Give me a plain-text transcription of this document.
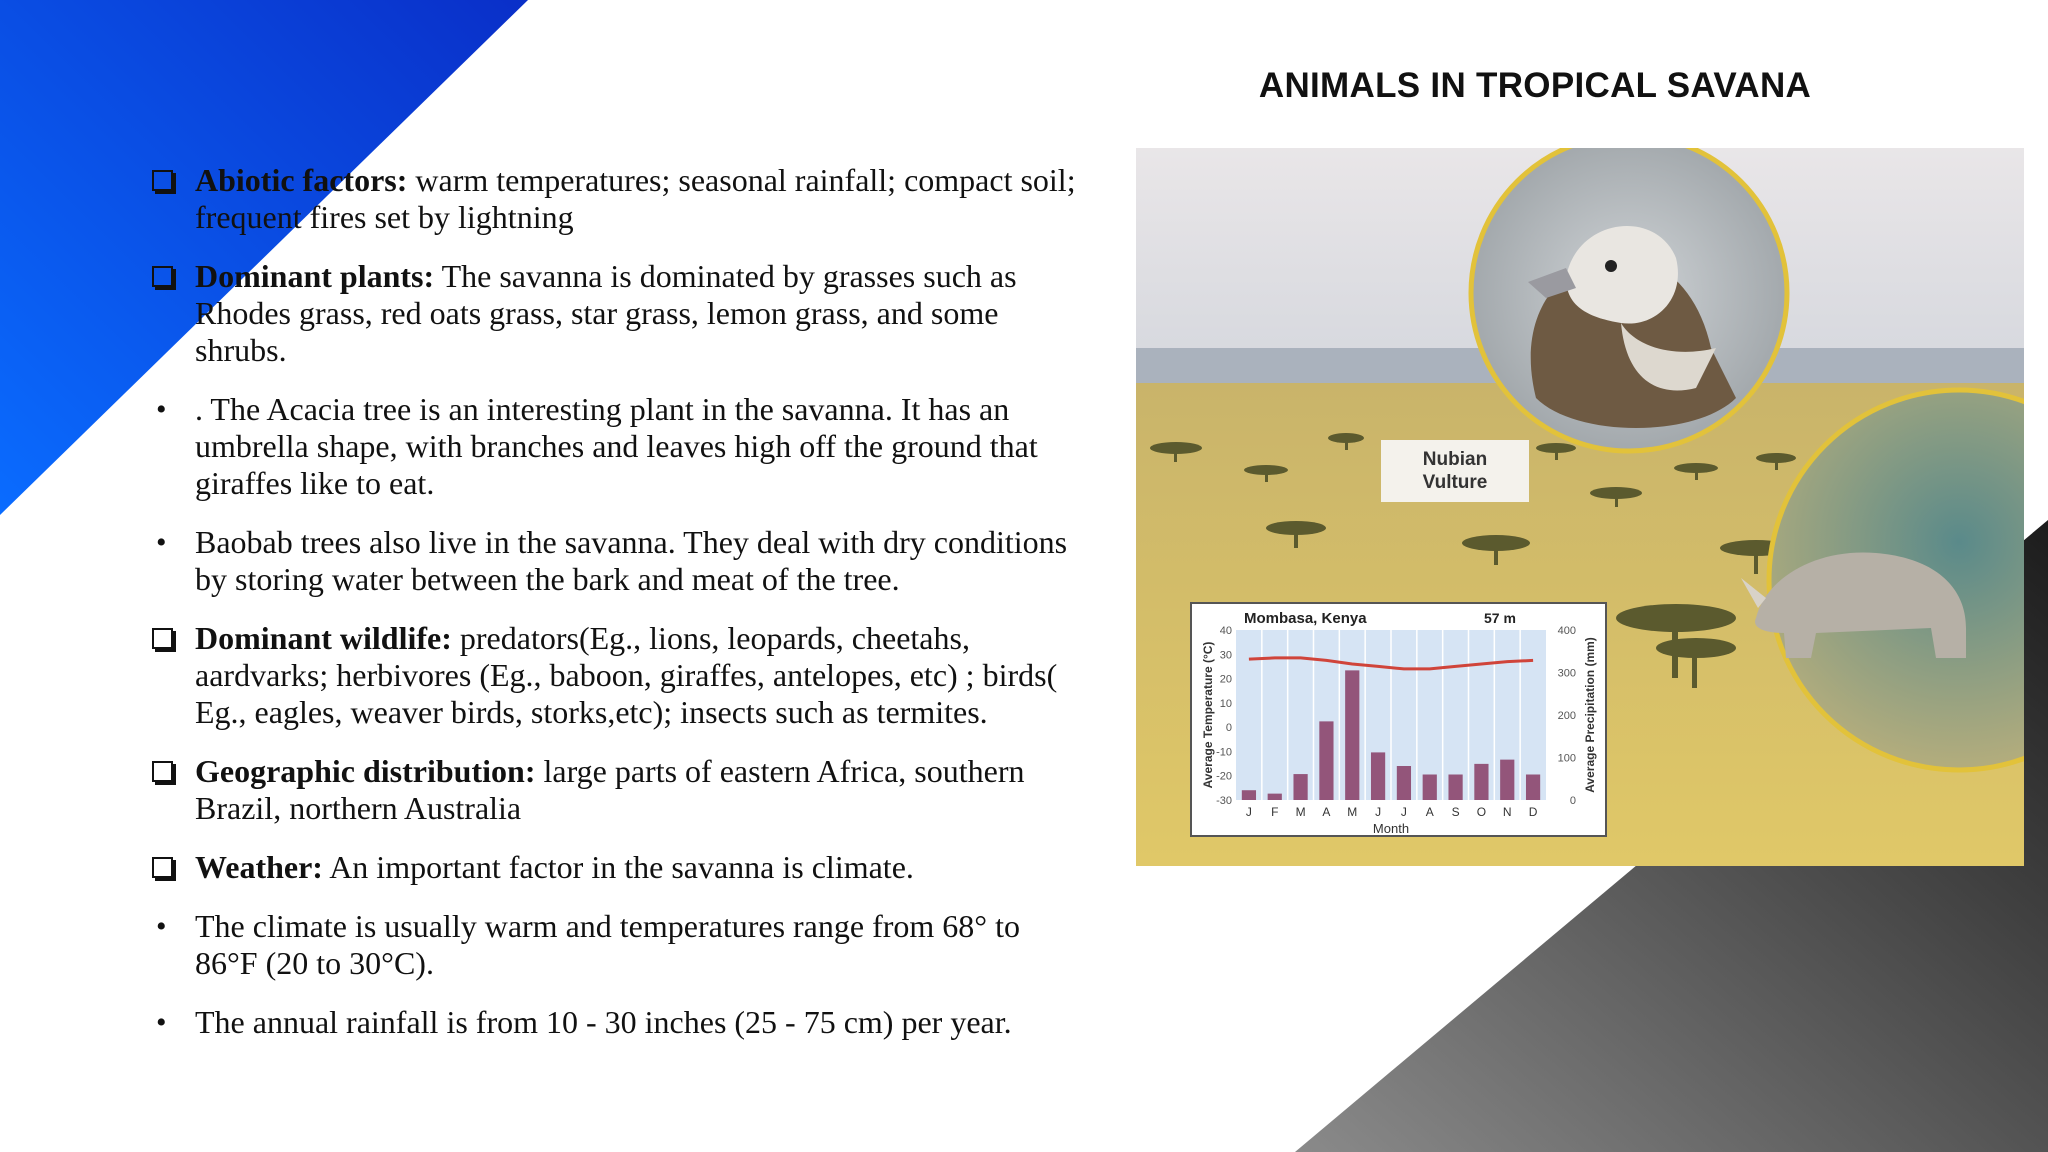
ANIMALS IN TROPICAL SAVANA
Abiotic factors: warm temperatures; seasonal rainfall; compact soil; frequent fires set by lightning
Dominant plants: The savanna is dominated by grasses such as Rhodes grass, red oats grass, star grass, lemon grass, and some shrubs.
• . The Acacia tree is an interesting plant in the savanna. It has an umbrella shape, with branches and leaves high off the ground that giraffes like to eat.
• Baobab trees also live in the savanna. They deal with dry conditions by storing water between the bark and meat of the tree.
Dominant wildlife: predators(Eg., lions, leopards, cheetahs, aardvarks; herbivores (Eg., baboon, giraffes, antelopes, etc) ; birds( Eg., eagles, weaver birds, storks,etc); insects such as termites.
Geographic distribution: large parts of eastern Africa, southern Brazil, northern Australia
Weather: An important factor in the savanna is climate.
• The climate is usually warm and temperatures range from 68° to 86°F (20 to 30°C).
• The annual rainfall is from 10 - 30 inches (25 - 75 cm) per year.
Nubian
Vulture
Mombasa, Kenya	57 m
40
30
20
10
0
-10
-20
-30
400
300
200
100
0
J F M A M J J A S O N D
Month
Average Temperature (°C)	Average Precipitation (mm)
